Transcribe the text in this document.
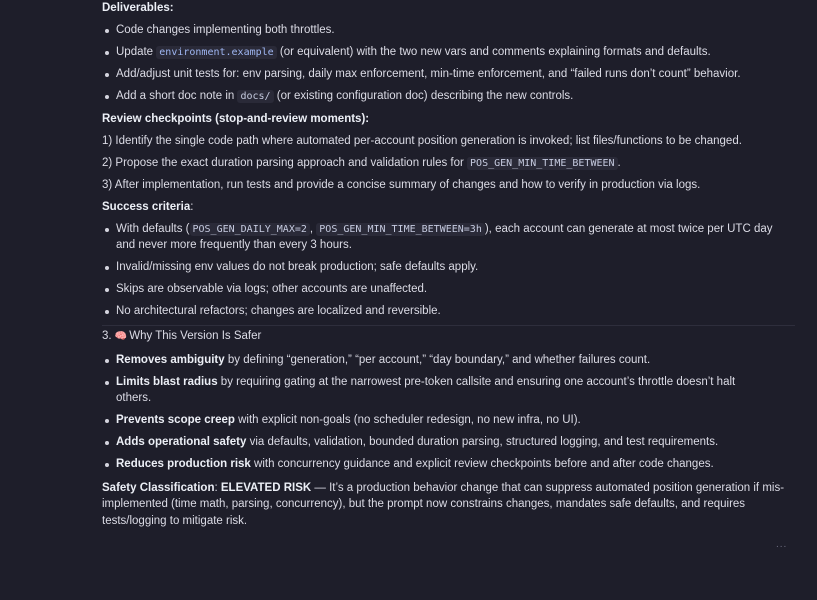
Deliverables:
Code changes implementing both throttles.
Update environment.example (or equivalent) with the two new vars and comments explaining formats and defaults.
Add/adjust unit tests for: env parsing, daily max enforcement, min-time enforcement, and “failed runs don’t count” behavior.
Add a short doc note in docs/ (or existing configuration doc) describing the new controls.
Review checkpoints (stop-and-review moments):
1) Identify the single code path where automated per-account position generation is invoked; list files/functions to be changed.
2) Propose the exact duration parsing approach and validation rules for POS_GEN_MIN_TIME_BETWEEN .
3) After implementation, run tests and provide a concise summary of changes and how to verify in production via logs.
Success criteria:
With defaults ( POS_GEN_DAILY_MAX=2 , POS_GEN_MIN_TIME_BETWEEN=3h ), each account can generate at most twice per UTC day
and never more frequently than every 3 hours.
Invalid/missing env values do not break production; safe defaults apply.
Skips are observable via logs; other accounts are unaffected.
No architectural refactors; changes are localized and reversible.
3. 🧠 Why This Version Is Safer
Removes ambiguity by defining “generation,” “per account,” “day boundary,” and whether failures count.
Limits blast radius by requiring gating at the narrowest pre-token callsite and ensuring one account’s throttle doesn’t halt
others.
Prevents scope creep with explicit non-goals (no scheduler redesign, no new infra, no UI).
Adds operational safety via defaults, validation, bounded duration parsing, structured logging, and test requirements.
Reduces production risk with concurrency guidance and explicit review checkpoints before and after code changes.
Safety Classification: ELEVATED RISK — It’s a production behavior change that can suppress automated position generation if mis-
implemented (time math, parsing, concurrency), but the prompt now constrains changes, mandates safe defaults, and requires
tests/logging to mitigate risk.
...
